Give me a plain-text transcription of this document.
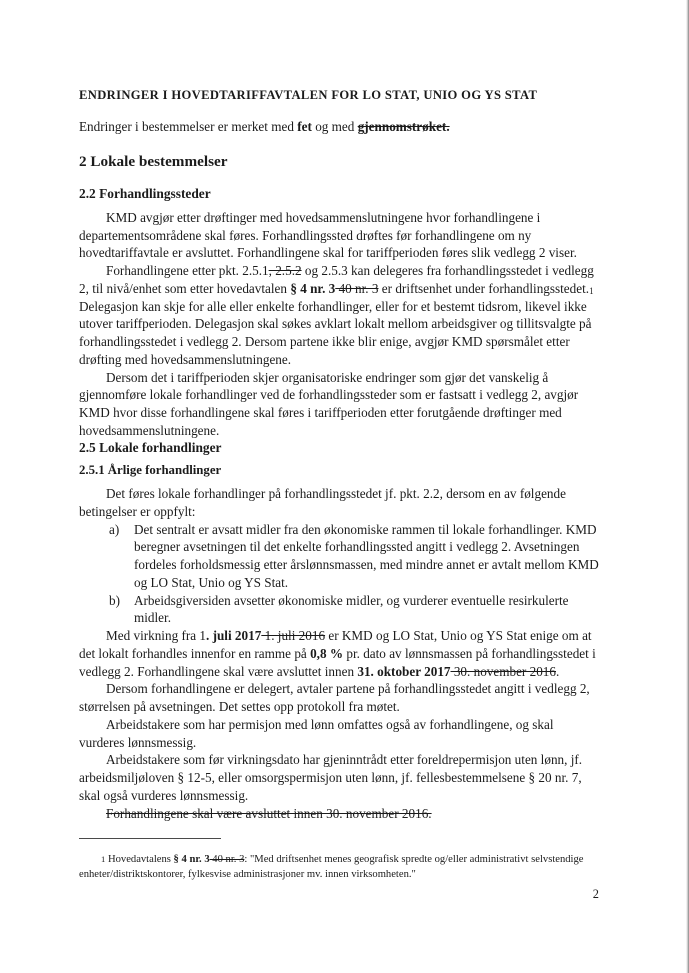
ENDRINGER I HOVEDTARIFFAVTALEN FOR LO STAT, UNIO OG YS STAT

Endringer i bestemmelser er merket med fet og med gjennomstrøket.

2 Lokale bestemmelser
2.2 Forhandlingssteder

KMD avgjør etter drøftinger med hovedsammenslutningene hvor forhandlingene i departementsområdene skal føres. Forhandlingssted drøftes før forhandlingene om ny hovedtariffavtale er avsluttet. Forhandlingene skal for tariffperioden føres slik vedlegg 2 viser.

Forhandlingene etter pkt. 2.5.1, 2.5.2 og 2.5.3 kan delegeres fra forhandlingsstedet i vedlegg 2, til nivå/enhet som etter hovedavtalen § 4 nr. 3 40 nr. 3 er driftsenhet under forhandlingsstedet.1 Delegasjon kan skje for alle eller enkelte forhandlinger, eller for et bestemt tidsrom, likevel ikke utover tariffperioden. Delegasjon skal søkes avklart lokalt mellom arbeidsgiver og tillitsvalgte på forhandlingsstedet i vedlegg 2. Dersom partene ikke blir enige, avgjør KMD spørsmålet etter drøfting med hovedsammenslutningene.

Dersom det i tariffperioden skjer organisatoriske endringer som gjør det vanskelig å gjennomføre lokale forhandlinger ved de forhandlingssteder som er fastsatt i vedlegg 2, avgjør KMD hvor disse forhandlingene skal føres i tariffperioden etter forutgående drøftinger med hovedsammenslutningene.

2.5 Lokale forhandlinger
2.5.1 Årlige forhandlinger

Det føres lokale forhandlinger på forhandlingsstedet jf. pkt. 2.2, dersom en av følgende betingelser er oppfylt:

a) Det sentralt er avsatt midler fra den økonomiske rammen til lokale forhandlinger. KMD beregner avsetningen til det enkelte forhandlingssted angitt i vedlegg 2. Avsetningen fordeles forholdsmessig etter årslønnsmassen, med mindre annet er avtalt mellom KMD og LO Stat, Unio og YS Stat.
b) Arbeidsgiversiden avsetter økonomiske midler, og vurderer eventuelle resirkulerte midler.

Med virkning fra 1. juli 2017 1. juli 2016 er KMD og LO Stat, Unio og YS Stat enige om at det lokalt forhandles innenfor en ramme på 0,8 % pr. dato av lønnsmassen på forhandlingsstedet i vedlegg 2. Forhandlingene skal være avsluttet innen 31. oktober 2017 30. november 2016.

Dersom forhandlingene er delegert, avtaler partene på forhandlingsstedet angitt i vedlegg 2, størrelsen på avsetningen. Det settes opp protokoll fra møtet.

Arbeidstakere som har permisjon med lønn omfattes også av forhandlingene, og skal vurderes lønnsmessig.

Arbeidstakere som før virkningsdato har gjeninntrådt etter foreldrepermisjon uten lønn, jf. arbeidsmiljøloven § 12-5, eller omsorgspermisjon uten lønn, jf. fellesbestemmelsene § 20 nr. 7, skal også vurderes lønnsmessig.

Forhandlingene skal være avsluttet innen 30. november 2016.

1 Hovedavtalens § 4 nr. 3 40 nr. 3: "Med driftsenhet menes geografisk spredte og/eller administrativt selvstendige enheter/distriktskontorer, fylkesvise administrasjoner mv. innen virksomheten."

2
